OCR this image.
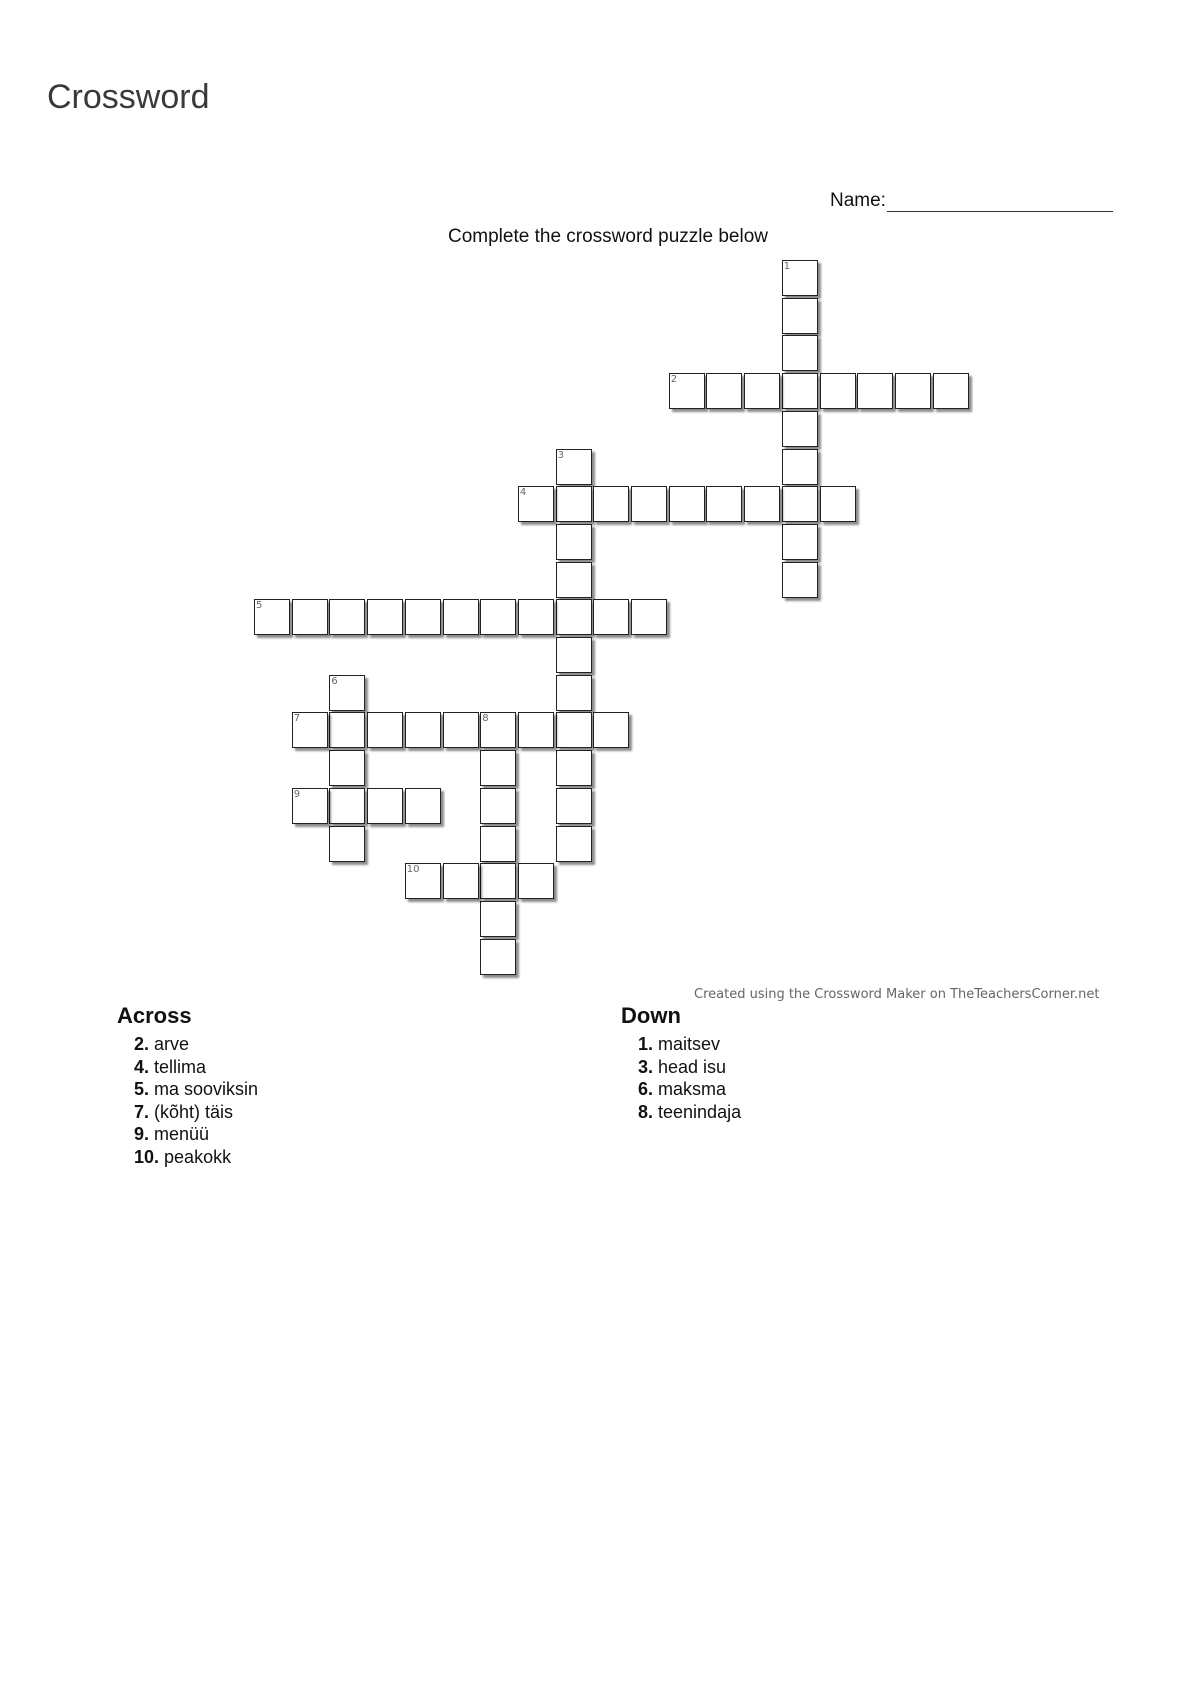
Crossword
Name:
Complete the crossword puzzle below
1
2
3
4
5
6
7	8
9
10
Created using the Crossword Maker on TheTeachersCorner.net
Across
2. arve
4. tellima
5. ma sooviksin
7. (kõht) täis
9. menüü
10. peakokk
Down
1. maitsev
3. head isu
6. maksma
8. teenindaja
